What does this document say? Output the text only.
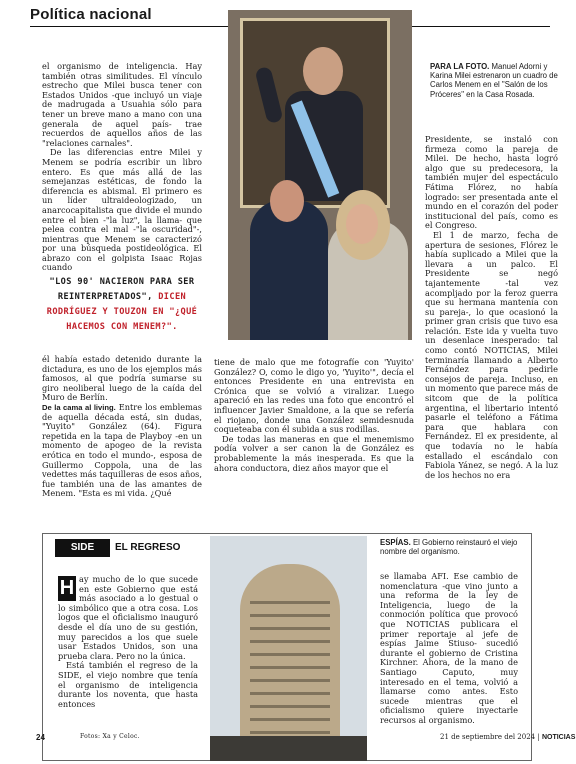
Política nacional

el organismo de inteligencia. Hay también otras similitudes. El vínculo estrecho que Milei busca tener con Estados Unidos -que incluyó un viaje de madrugada a Usuahia sólo para tener un breve mano a mano con una generala de aquel país- trae recuerdos de aquellos años de las "relaciones carnales".

De las diferencias entre Milei y Menem se podría escribir un libro entero. Es que más allá de las semejanzas estéticas, de fondo la diferencia es abismal. El primero es un líder ultraideologizado, un anarcocapitalista que divide el mundo entre el bien -"la luz", la llama- que pelea contra el mal -"la oscuridad"-, mientras que Menem se caracterizó por una búsqueda postideológica. El abrazo con el golpista Isaac Rojas cuando

"LOS 90' NACIERON PARA SER REINTERPRETADOS", DICEN RODRÍGUEZ Y TOUZON EN "¿QUÉ HACEMOS CON MENEM?".

él había estado detenido durante la dictadura, es uno de los ejemplos más famosos, al que podría sumarse su giro neoliberal luego de la caída del Muro de Berlín.

De la cama al living. Entre los emblemas de aquella década está, sin dudas, "Yuyito" González (64). Figura repetida en la tapa de Playboy -en un momento de apogeo de la revista erótica en todo el mundo-, esposa de Guillermo Coppola, una de las vedettes más taquilleras de esos años, fue también una de las amantes de Menem. "Esta es mi vida. ¿Qué

PARA LA FOTO. Manuel Adorni y Karina Milei estrenaron un cuadro de Carlos Menem en el "Salón de los Próceres" en la Casa Rosada.

tiene de malo que me fotografíe con 'Yuyito' González? O, como le digo yo, 'Yuyito'", decía el entonces Presidente en una entrevista en Crónica que se volvió a viralizar. Luego apareció en las redes una foto que encontró el influencer Javier Smaldone, a la que se refería el riojano, donde una González semidesnuda coqueteaba con él subida a sus rodillas.

De todas las maneras en que el menemismo podía volver a ser canon la de González es probablemente la más inesperada. Es que la ahora conductora, diez años mayor que el

Presidente, se instaló con firmeza como la pareja de Milei. De hecho, hasta logró algo que su predecesora, la también mujer del espectáculo Fátima Flórez, no había logrado: ser presentada ante el mundo en el corazón del poder institucional del país, como es el Congreso.

El 1 de marzo, fecha de apertura de sesiones, Flórez le había suplicado a Milei que la llevara a un palco. El Presidente se negó tajantemente -tal vez acompljado por la feroz guerra que su hermana mantenía con su pareja-, lo que ocasionó la primer gran crisis que tuvo esa relación. Este ida y vuelta tuvo un desenlace inesperado: tal como contó NOTICIAS, Milei terminaría llamando a Alberto Fernández para pedirle consejos de pareja. Incluso, en un momento que parece más de sitcom que de la política argentina, el libertario intentó pasarle el teléfono a Fátima para que hablara con Fernández. El ex presidente, al que todavía no le había estallado el escándalo con Fabiola Yánez, se negó. A la luz de los hechos no era

SIDE	EL REGRESO

H ay mucho de lo que sucede en este Gobierno que está más asociado a lo gestual o lo simbólico que a otra cosa. Los logos que el oficialismo inauguró desde el día uno de su gestión, muy parecidos a los que suele usar Estados Unidos, son una prueba clara. Pero no la única.

Está también el regreso de la SIDE, el viejo nombre que tenía el organismo de inteligencia durante los noventa, que hasta entonces

ESPÍAS. El Gobierno reinstauró el viejo nombre del organismo.

se llamaba AFI. Ese cambio de nomenclatura -que vino junto a una reforma de la ley de Inteligencia, luego de la conmoción política que provocó que NOTICIAS publicara el primer reportaje al jefe de espías Jaime Stiuso- sucedió durante el gobierno de Cristina Kirchner. Ahora, de la mano de Santiago Caputo, muy interesado en el tema, volvió a llamarse como antes. Esto sucede mientras que el oficialismo quiere inyectarle recursos al organismo.

24	Fotos: Xa y Celoc.	21 de septiembre del 2024 | NOTICIAS
